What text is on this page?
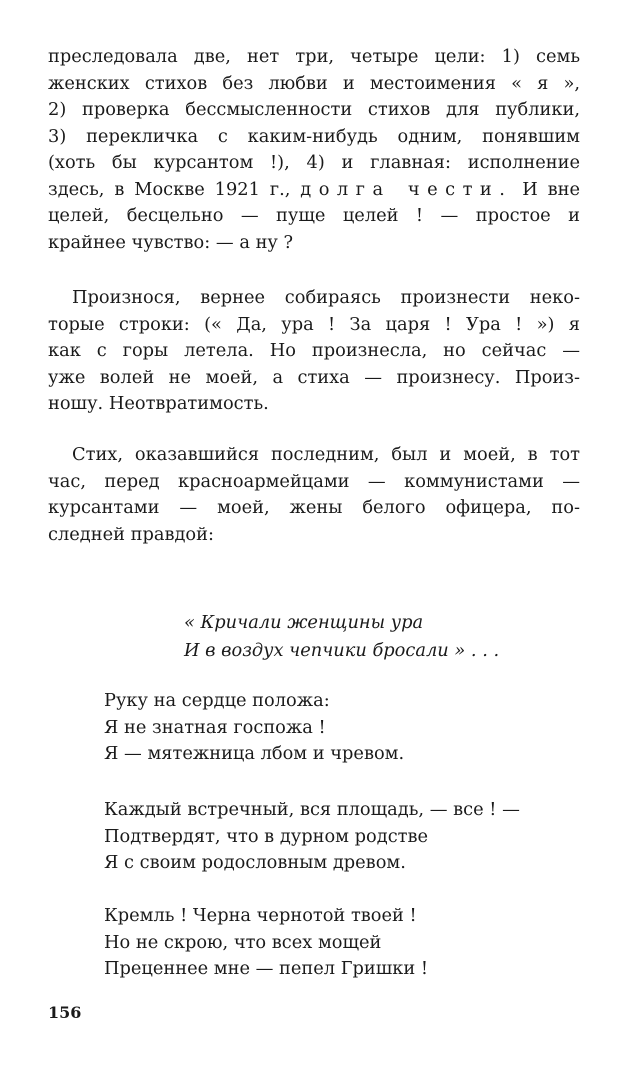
преследовала две, нет три, четыре цели: 1) семь
женских стихов без любви и местоимения « я »,
2) проверка бессмысленности стихов для публики,
3) перекличка с каким-нибудь одним, понявшим
(хоть бы курсантом !), 4) и главная: исполнение
здесь, в Москве 1921 г., долга чести. И вне
целей, бесцельно — пуще целей ! — простое и
крайнее чувство: — а ну ?

Произнося, вернее собираясь произнести неко-
торые строки: (« Да, ура ! За царя ! Ура ! ») я
как с горы летела. Но произнесла, но сейчас —
уже волей не моей, а стиха — произнесу. Произ-
ношу. Неотвратимость.

Стих, оказавшийся последним, был и моей, в тот
час, перед красноармейцами — коммунистами —
курсантами — моей, жены белого офицера, по-
следней правдой:

« Кричали женщины ура
И в воздух чепчики бросали » . . .

Руку на сердце положа:
Я не знатная госпожа !
Я — мятежница лбом и чревом.

Каждый встречный, вся площадь, — все ! —
Подтвердят, что в дурном родстве
Я с своим родословным древом.

Кремль ! Черна чернотой твоей !
Но не скрою, что всех мощей
Преценнее мне — пепел Гришки !

156
